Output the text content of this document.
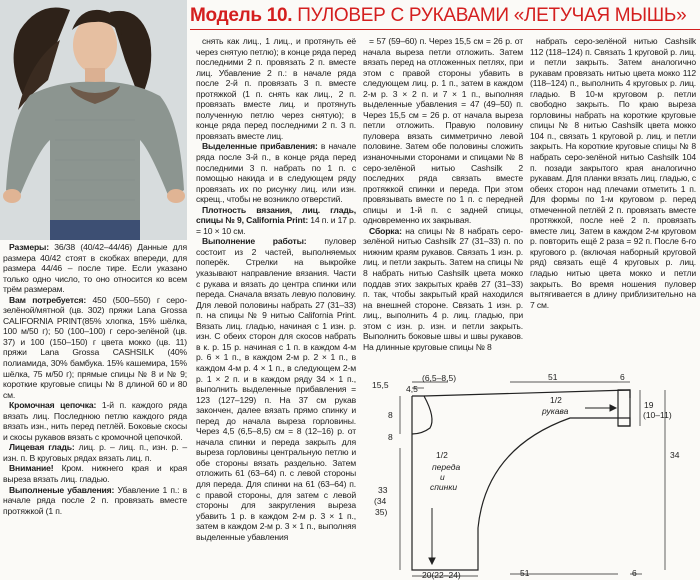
Модель 10. ПУЛОВЕР С РУКАВАМИ «ЛЕТУЧАЯ МЫШЬ»

Размеры: 36/38 (40/42–44/46) Данные для размера 40/42 стоят в скобках впереди, для размера 44/46 – после тире. Если указано только одно число, то оно относится ко всем трём размерам.

Вам потребуется: 450 (500–550) г серо-зелёной/мятной (цв. 302) пряжи Lana Grossa CALIFORNIA PRINT(85% хлопка, 15% шёлка, 100 м/50 г); 50 (100–100) г серо-зелёной (цв. 37) и 100 (150–150) г цвета мокко (цв. 11) пряжи Lana Grossa CASHSILK (40% полиамида, 30% бамбука. 15% кашемира, 15% шёлка, 75 м/50 г); прямые спицы № 8 и № 9; короткие круговые спицы № 8 длиной 60 и 80 см.

Кромочная цепочка: 1-й п. каждого ряда вязать лиц. Последнюю петлю каждого ряда вязать изн., нить перед петлёй. Боковые скосы и скосы рукавов вязать с кромочной цепочкой.

Лицевая гладь: лиц. р. – лиц. п., изн. р. – изн. п. В круговых рядах вязать лиц. п.

Внимание! Кром. нижнего края и края выреза вязать лиц. гладью.

Выполненые убавления: Убавление 1 п.: в начале ряда после 2 п. провязать вместе протяжкой (1 п.

снять как лиц., 1 лиц., и протянуть её через снятую петлю); в конце ряда перед последними 2 п. провязать 2 п. вместе лиц. Убавление 2 п.: в начале ряда после 2-й п. провязать 3 п. вместе протяжкой (1 п. снять как лиц., 2 п. провязать вместе лиц. и протянуть полученную петлю через снятую); в конце ряда перед последними 2 п. 3 п. провязать вместе лиц.

Выделенные прибавления: в начале ряда после 3-й п., в конце ряда перед последними 3 п. набрать по 1 п. с помощью накида и в следующем ряду провязать их по рисунку лиц. или изн. скрещ., чтобы не возникло отверстий.

Плотность вязания, лиц. гладь, спицы № 9, California Print: 14 п. и 17 р. = 10 × 10 см.

Выполнение работы: пуловер состоит из 2 частей, выполняемых поперёк. Стрелки на выкройке указывают направление вязания. Части с рукава и вязать до центра спинки или переда. Сначала вязать левую половину. Для левой половины набрать 27 (31–33) п. на спицы № 9 нитью California Print. Вязать лиц. гладью, начиная с 1 изн. р. изн. С обеих сторон для скосов набрать в к. р. 15 р. начиная с 1 п. в каждом 4-м р. 6 × 1 п., в каждом 2-м р. 2 × 1 п., в каждом 4-м р. 4 × 1 п., в следующем 2-м р. 1 × 2 п. и в каждом ряду 34 × 1 п., выполнить выделенные прибавления = 123 (127–129) п. На 37 см рукав закончен, далее вязать прямо спинку и перед до начала выреза горловины. Через 4,5 (6,5–8,5) см = 8 (12–16) р. от начала спинки и переда закрыть для выреза горловины центральную петлю и обе стороны вязать раздельно. Затем отложить 61 (63–64) п. с левой стороны для переда. Для спинки на 61 (63–64) п. с правой стороны, для затем с левой стороны для закругления выреза убавить 1 р. в каждом 2-м р. 3 × 1 п., затем в каждом 2-м р. 3 × 1 п., выполняя выделенные убавления

= 57 (59–60) п. Через 15,5 см = 26 р. от начала выреза петли отложить. Затем вязать перед на отложенных петлях, при этом с правой стороны убавить в следующем лиц. р. 1 п., затем в каждом 2-м р. 3 × 2 п. и 7 × 1 п., выполняя выделенные убавления = 47 (49–50) п. Через 15,5 см = 26 р. от начала выреза петли отложить. Правую половину пуловера вязать симметрично левой половине. Затем обе половины сложить изнаночными сторонами и спицами № 8 серо-зелёной нитью Cashsilk 2 последних ряда связать вместе протяжкой спинки и переда. При этом провязывать вместе по 1 п. с передней спицы и 1-й п. с задней спицы, одновременно их закрывая.

Сборка: на спицы № 8 набрать серо-зелёной нитью Cashsilk 27 (31–33) п. по нижним краям рукавов. Связать 1 изн. р. лиц. и петли закрыть. Затем на спицы № 8 набрать нитью Cashsilk цвета мокко поддав этих закрытых краёв 27 (31–33) п. так, чтобы закрытый край находился на внешней стороне. Связать 1 изн. р. лиц., выполнить 4 р. лиц. гладью, при этом с изн. р. изн. и петли закрыть. Выполнить боковые швы и швы рукавов. На длинные круговые спицы № 8

набрать серо-зелёной нитью Cashsilk 112 (118–124) п. Связать 1 круговой р. лиц. и петли закрыть. Затем аналогично рукавам провязать нитью цвета мокко 112 (118–124) п., выполнить 4 круговых р. лиц. гладью. В 10-м круговом р. петли свободно закрыть. По краю выреза горловины набрать на короткие круговые спицы № 8 нитью Cashsilk цвета мокко 104 п., связать 1 круговой р. лиц. и петли закрыть. На короткие круговые спицы № 8 набрать серо-зелёной нитью Cashsilk 104 п. позади закрытого края аналогично рукавам. Для планки вязать лиц. гладью, с обеих сторон над плечами отметить 1 п. Для формы по 1-м круговом р. перед отмеченной петлёй 2 п. провязать вместе протяжкой, после неё 2 п. провязать вместе лиц. Затем в каждом 2-м круговом р. повторить ещё 2 раза = 92 п. После 6-го кругового р. (включая наборный круговой ряд) связать ещё 4 круговых р. лиц. гладью нитью цвета мокко и петли закрыть. Во время ношения пуловер вытягивается в длину приблизительно на 7 см.

(6,5–8,5)
4,5
15,5
51	6
8
8
33
(34
35)
34
19
(10–11)
51	6
20(22–24)
1/2
рукава
1/2
переда
и
спинки
